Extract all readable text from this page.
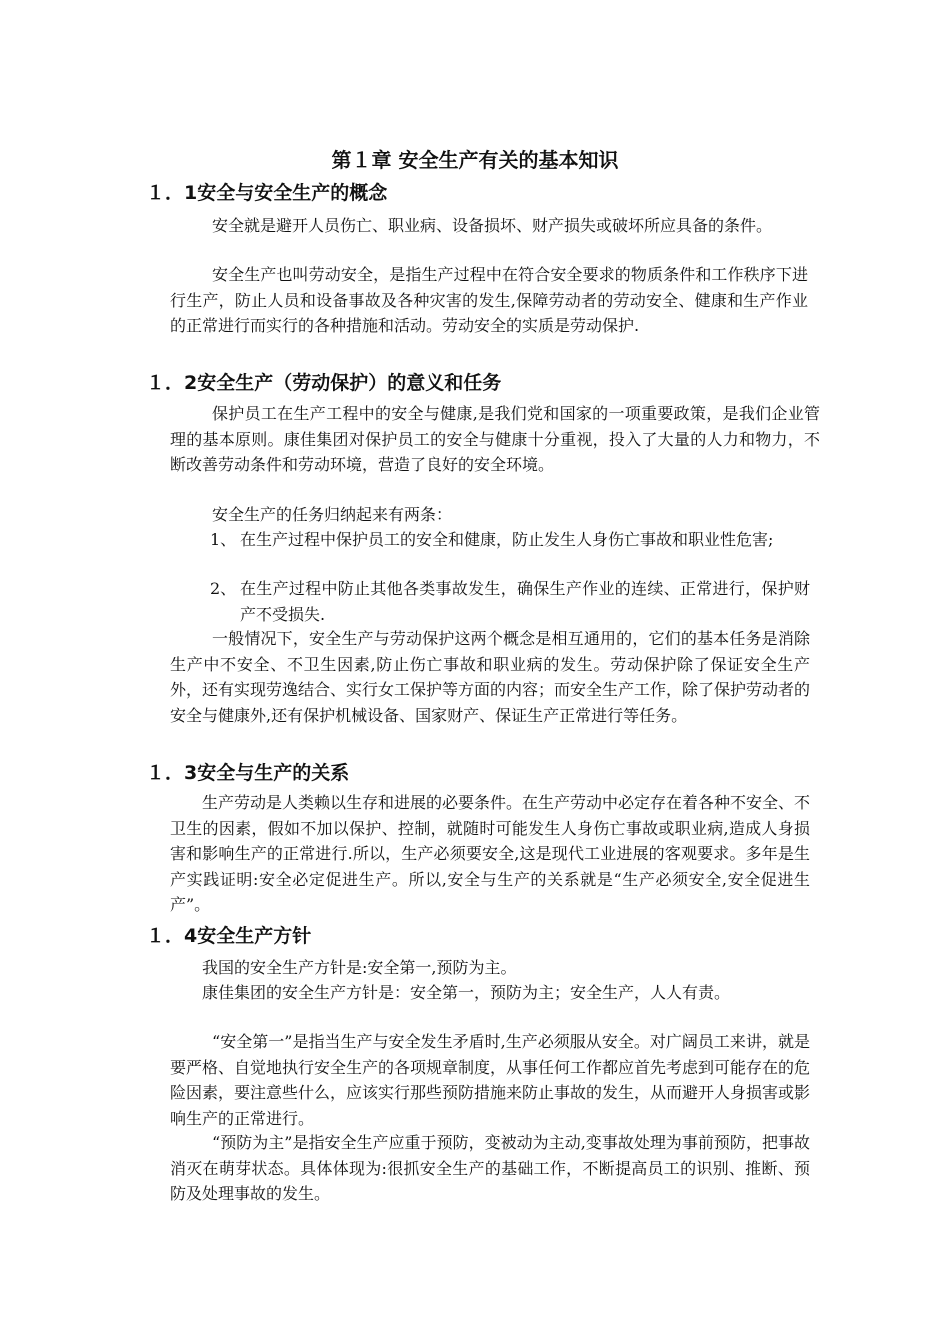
第１章 安全生产有关的基本知识
１．1安全与安全生产的概念
安全就是避开人员伤亡、职业病、设备损坏、财产损失或破坏所应具备的条件。
安全生产也叫劳动安全，是指生产过程中在符合安全要求的物质条件和工作秩序下进行生产，防止人员和设备事故及各种灾害的发生,保障劳动者的劳动安全、健康和生产作业的正常进行而实行的各种措施和活动。劳动安全的实质是劳动保护.
１．2安全生产（劳动保护）的意义和任务
保护员工在生产工程中的安全与健康,是我们党和国家的一项重要政策，是我们企业管理的基本原则。康佳集团对保护员工的安全与健康十分重视，投入了大量的人力和物力，不断改善劳动条件和劳动环境，营造了良好的安全环境。
安全生产的任务归纳起来有两条：
1、 在生产过程中保护员工的安全和健康，防止发生人身伤亡事故和职业性危害;
2、 在生产过程中防止其他各类事故发生，确保生产作业的连续、正常进行，保护财产不受损失.
一般情况下，安全生产与劳动保护这两个概念是相互通用的，它们的基本任务是消除生产中不安全、不卫生因素,防止伤亡事故和职业病的发生。劳动保护除了保证安全生产外，还有实现劳逸结合、实行女工保护等方面的内容；而安全生产工作，除了保护劳动者的安全与健康外,还有保护机械设备、国家财产、保证生产正常进行等任务。
１．3安全与生产的关系
生产劳动是人类赖以生存和进展的必要条件。在生产劳动中必定存在着各种不安全、不卫生的因素，假如不加以保护、控制，就随时可能发生人身伤亡事故或职业病,造成人身损害和影响生产的正常进行.所以，生产必须要安全,这是现代工业进展的客观要求。多年是生产实践证明:安全必定促进生产。所以,安全与生产的关系就是“生产必须安全,安全促进生产”。
１．4安全生产方针
我国的安全生产方针是:安全第一,预防为主。
康佳集团的安全生产方针是：安全第一，预防为主；安全生产，人人有责。
“安全第一”是指当生产与安全发生矛盾时,生产必须服从安全。对广阔员工来讲，就是要严格、自觉地执行安全生产的各项规章制度，从事任何工作都应首先考虑到可能存在的危险因素，要注意些什么，应该实行那些预防措施来防止事故的发生，从而避开人身损害或影响生产的正常进行。
“预防为主”是指安全生产应重于预防，变被动为主动,变事故处理为事前预防，把事故消灭在萌芽状态。具体体现为:很抓安全生产的基础工作，不断提高员工的识别、推断、预防及处理事故的发生。
